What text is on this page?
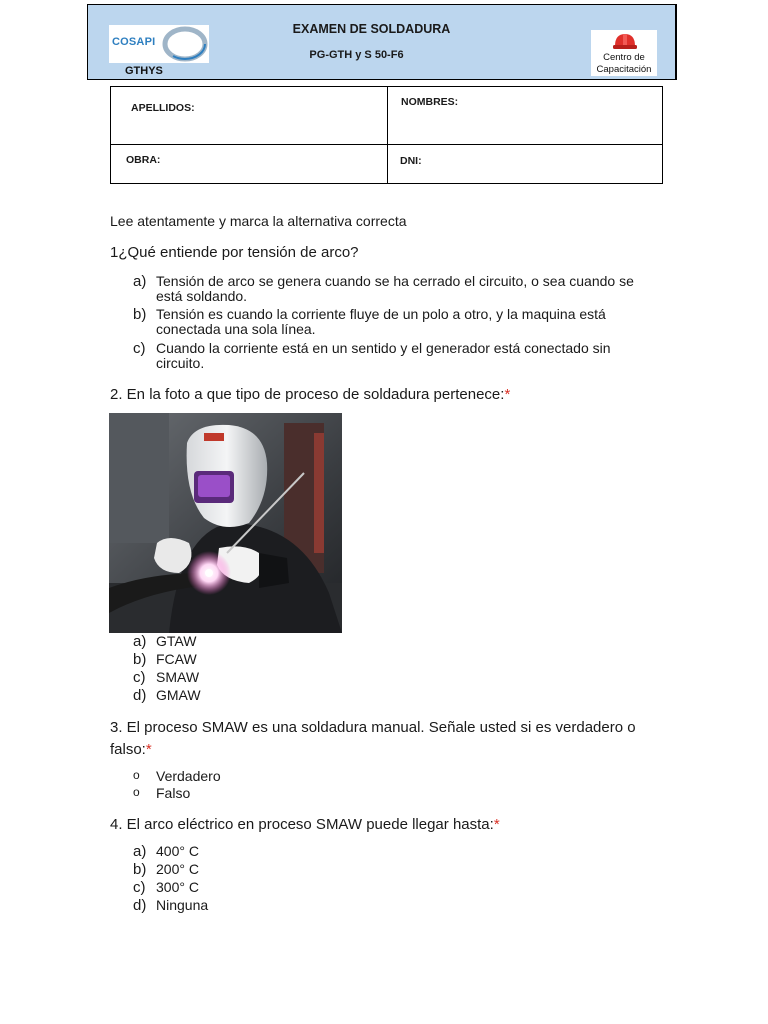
COSAPI
GTHYS
EXAMEN DE SOLDADURA
PG-GTH y S 50-F6	Centro de
Capacitación
APELLIDOS:	NOMBRES:
OBRA:	DNI:
Lee atentamente y marca la alternativa correcta
1¿Qué entiende por tensión de arco?
a) Tensión de arco se genera cuando se ha cerrado el circuito, o sea cuando se está soldando.
b) Tensión es cuando la corriente fluye de un polo a otro, y la maquina está conectada una sola línea.
c) Cuando la corriente está en un sentido y el generador está conectado sin circuito.
2. En la foto a que tipo de proceso de soldadura pertenece:*
a) GTAW
b) FCAW
c) SMAW
d) GMAW
3. El proceso SMAW es una soldadura manual. Señale usted si es verdadero o
falso:*
o Verdadero
o Falso
4. El arco eléctrico en proceso SMAW puede llegar hasta:*
a) 400° C
b) 200° C
c) 300° C
d) Ninguna
